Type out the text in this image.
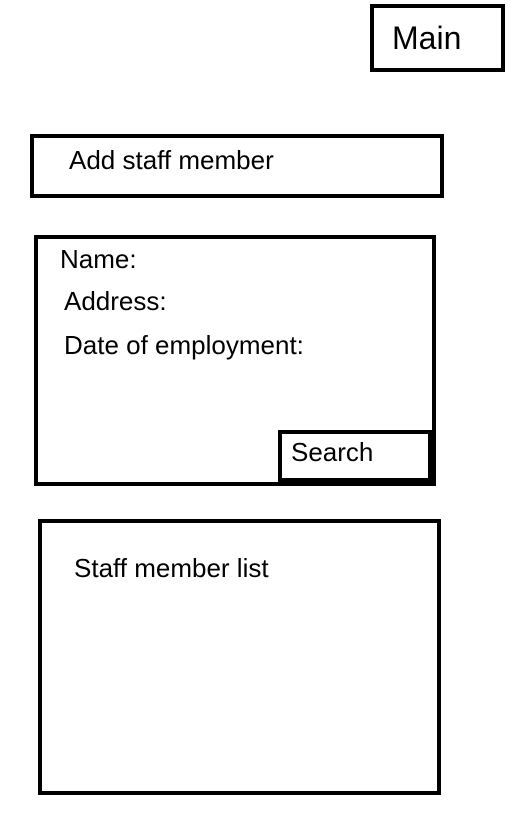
Main
Add staff member
Name:
Address:
Date of employment:
Search
Staff member list
